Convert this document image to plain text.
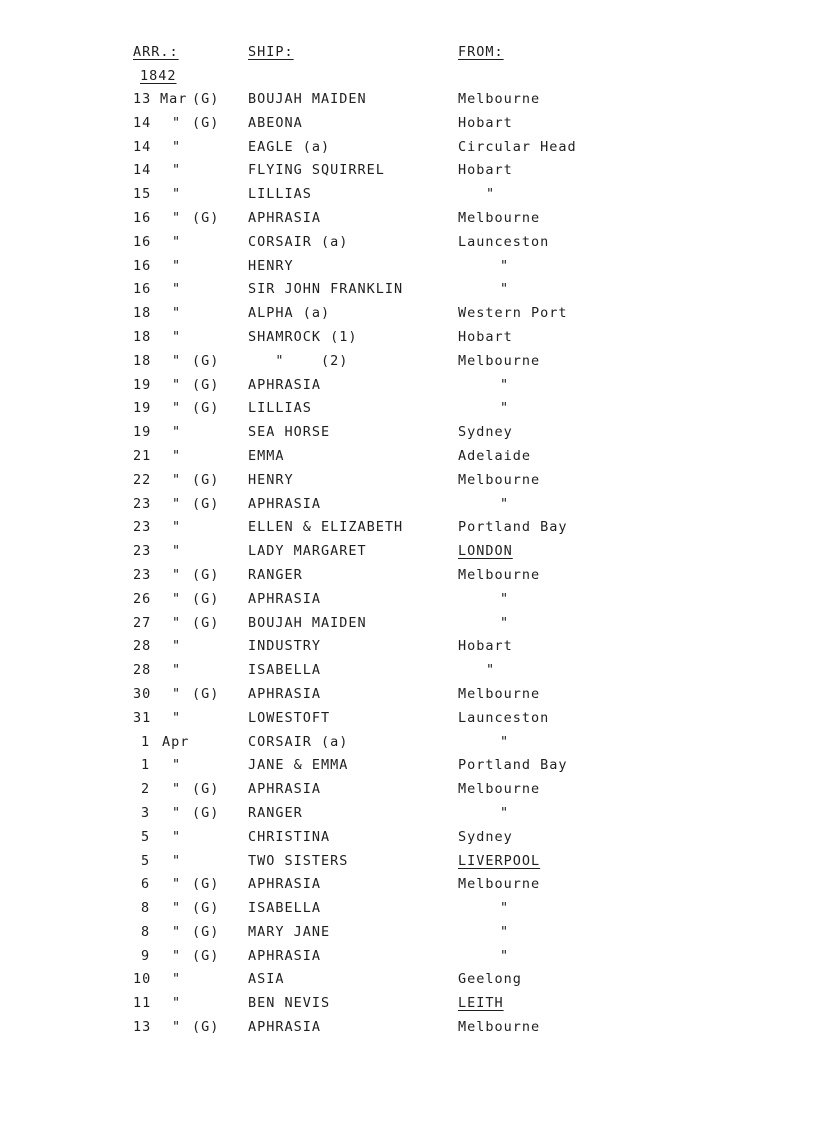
ARR.:	SHIP:	FROM:
1842
13 Mar (G) BOUJAH MAIDEN	Melbourne
14	" (G) ABEONA	Hobart
14	"	EAGLE (a)	Circular Head
14	"	FLYING SQUIRREL	Hobart
15	"	LILLIAS	"
16	" (G) APHRASIA	Melbourne
16	"	CORSAIR (a)	Launceston
16	"	HENRY	"
16	"	SIR JOHN FRANKLIN	"
18	"	ALPHA (a)	Western Port
18	"	SHAMROCK (1)	Hobart
18	" (G) "    (2)	Melbourne
19	" (G) APHRASIA	"
19	" (G) LILLIAS	"
19	"	SEA HORSE	Sydney
21	"	EMMA	Adelaide
22	" (G) HENRY	Melbourne
23	" (G) APHRASIA	"
23	"	ELLEN & ELIZABETH	Portland Bay
23	"	LADY MARGARET	LONDON
23	" (G) RANGER	Melbourne
26	" (G) APHRASIA	"
27	" (G) BOUJAH MAIDEN	"
28	"	INDUSTRY	Hobart
28	"	ISABELLA	"
30	" (G) APHRASIA	Melbourne
31	"	LOWESTOFT	Launceston
1 Apr	CORSAIR (a)	"
1	"	JANE & EMMA	Portland Bay
2	" (G) APHRASIA	Melbourne
3	" (G) RANGER	"
5	"	CHRISTINA	Sydney
5	"	TWO SISTERS	LIVERPOOL
6	" (G) APHRASIA	Melbourne
8	" (G) ISABELLA	"
8	" (G) MARY JANE	"
9	" (G) APHRASIA	"
10	"	ASIA	Geelong
11	"	BEN NEVIS	LEITH
13	" (G) APHRASIA	Melbourne
